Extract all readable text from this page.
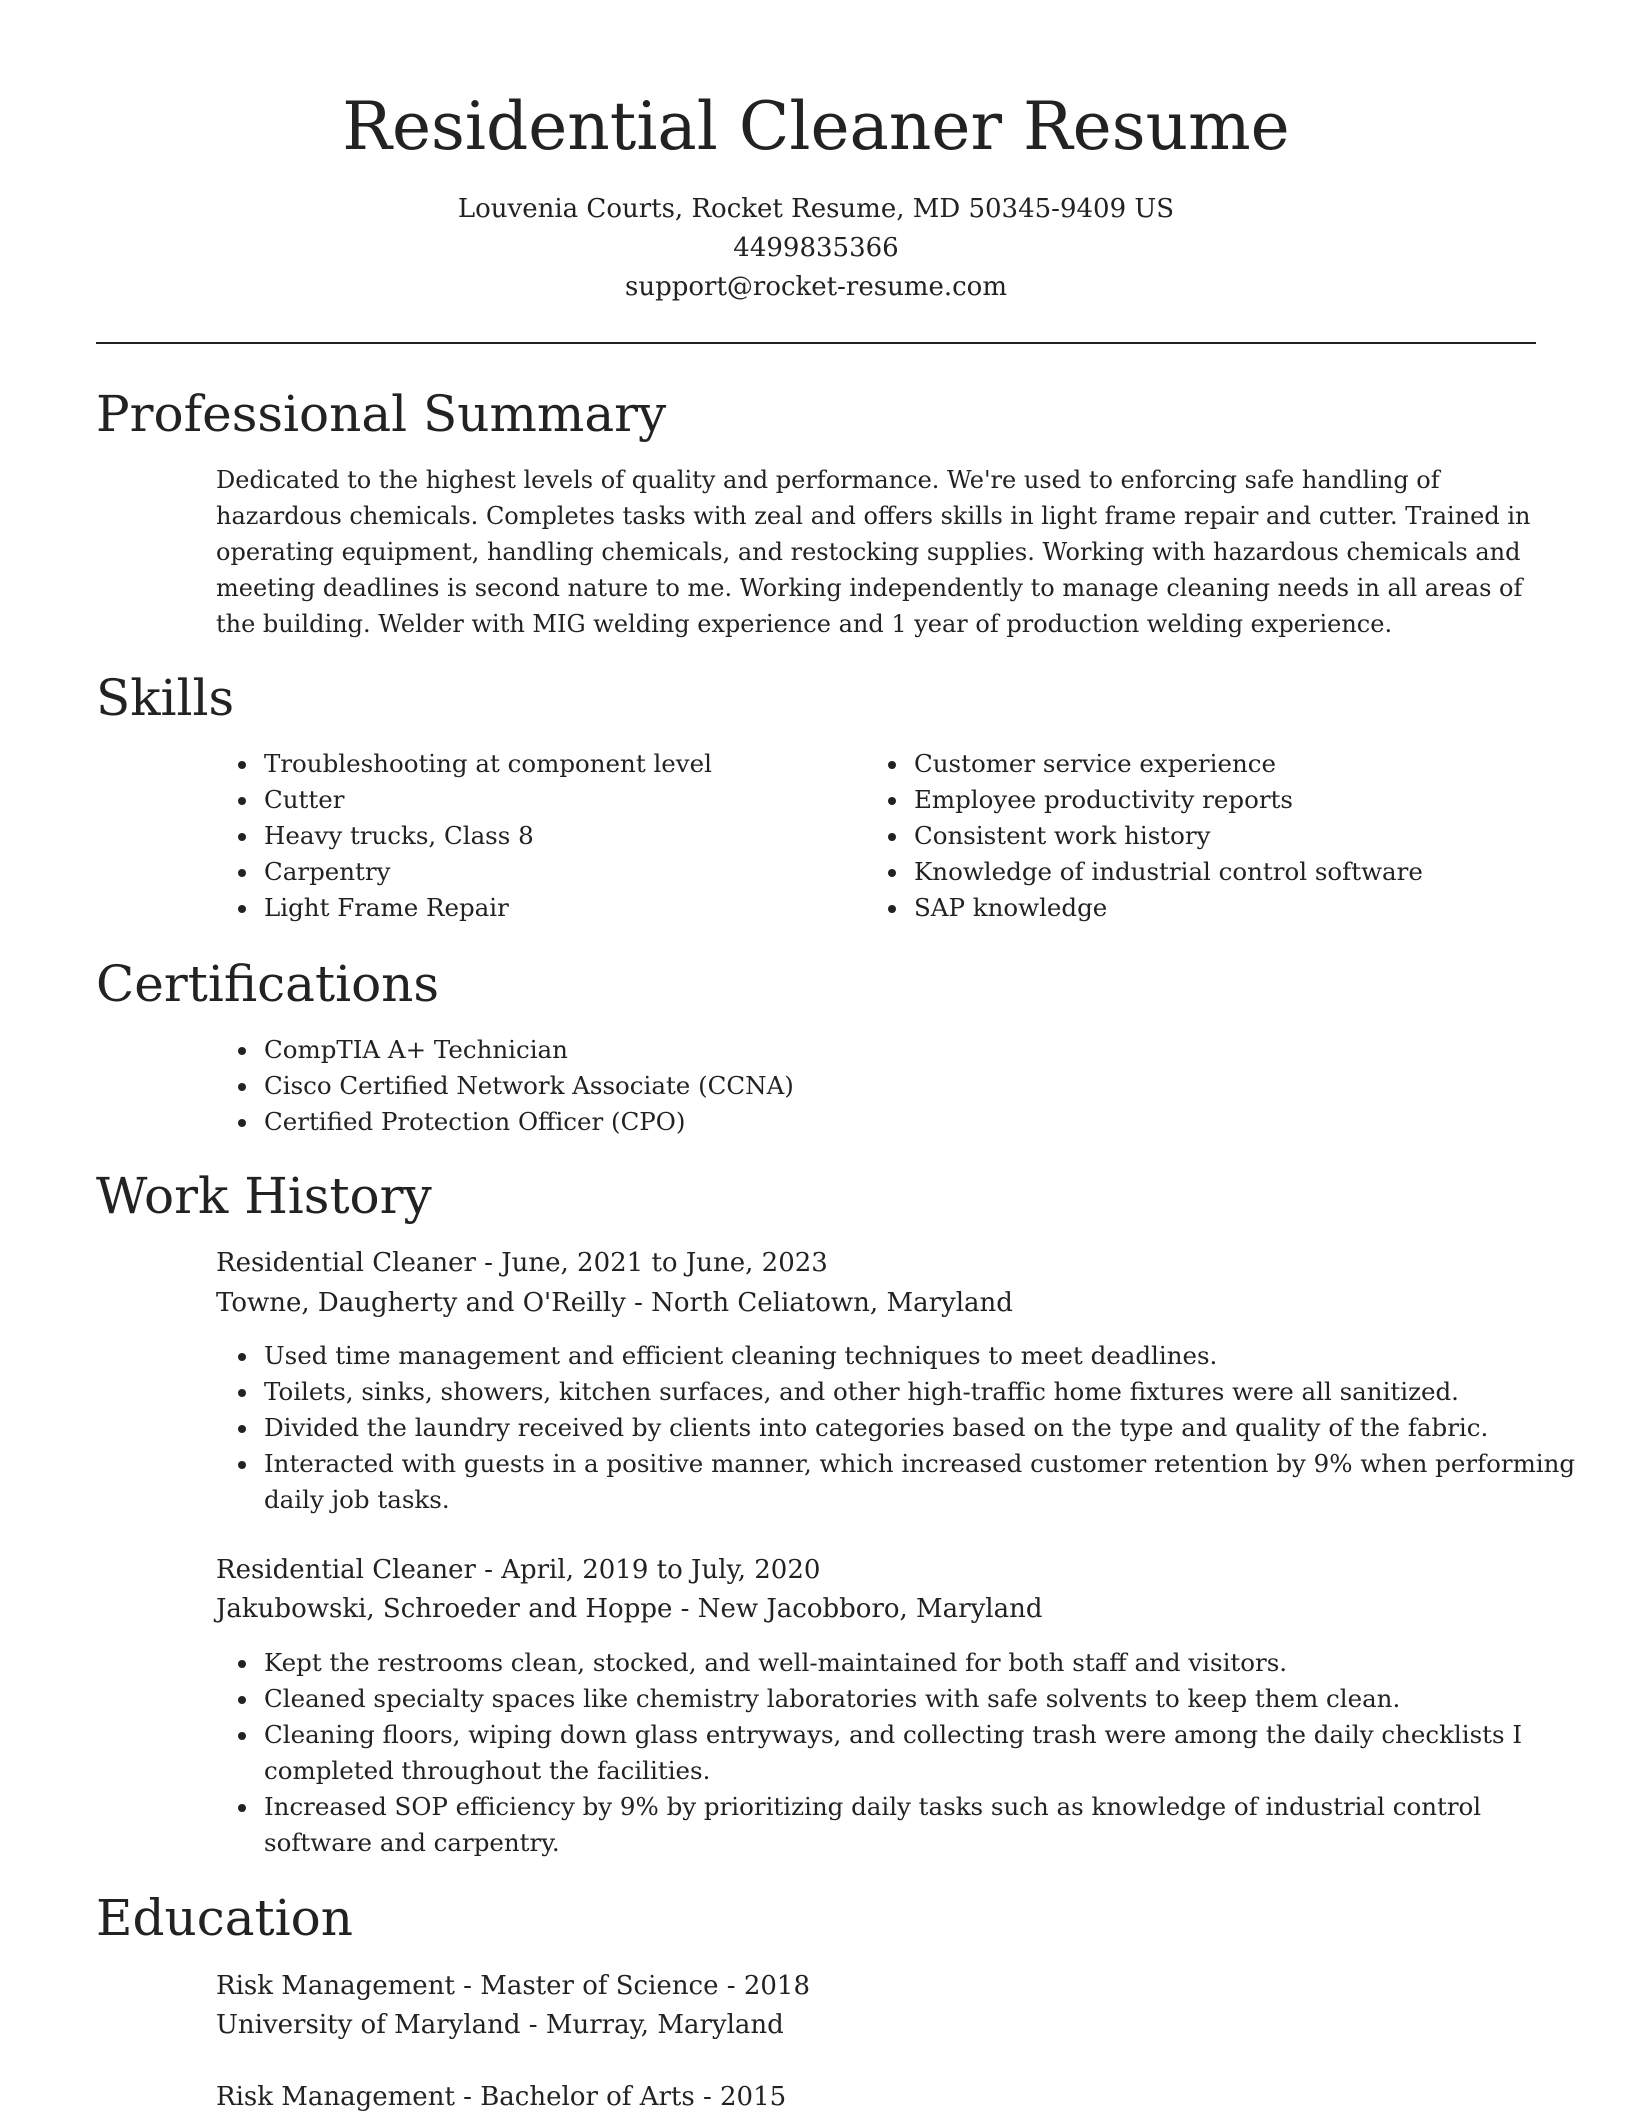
Residential Cleaner Resume
Louvenia Courts, Rocket Resume, MD 50345-9409 US
4499835366
support@rocket-resume.com
Professional Summary

Dedicated to the highest levels of quality and performance. We're used to enforcing safe handling of hazardous chemicals. Completes tasks with zeal and offers skills in light frame repair and cutter. Trained in operating equipment, handling chemicals, and restocking supplies. Working with hazardous chemicals and meeting deadlines is second nature to me. Working independently to manage cleaning needs in all areas of the building. Welder with MIG welding experience and 1 year of production welding experience.

Skills
• Troubleshooting at component level
• Cutter
• Heavy trucks, Class 8
• Carpentry
• Light Frame Repair
• Customer service experience
• Employee productivity reports
• Consistent work history
• Knowledge of industrial control software
• SAP knowledge
Certifications
• CompTIA A+ Technician
• Cisco Certified Network Associate (CCNA)
• Certified Protection Officer (CPO)
Work History
Residential Cleaner - June, 2021 to June, 2023
Towne, Daugherty and O'Reilly - North Celiatown, Maryland
• Used time management and efficient cleaning techniques to meet deadlines.
• Toilets, sinks, showers, kitchen surfaces, and other high-traffic home fixtures were all sanitized.
• Divided the laundry received by clients into categories based on the type and quality of the fabric.
• Interacted with guests in a positive manner, which increased customer retention by 9% when performing daily job tasks.
Residential Cleaner - April, 2019 to July, 2020
Jakubowski, Schroeder and Hoppe - New Jacobboro, Maryland
• Kept the restrooms clean, stocked, and well-maintained for both staff and visitors.
• Cleaned specialty spaces like chemistry laboratories with safe solvents to keep them clean.
• Cleaning floors, wiping down glass entryways, and collecting trash were among the daily checklists I completed throughout the facilities.
• Increased SOP efficiency by 9% by prioritizing daily tasks such as knowledge of industrial control software and carpentry.
Education
Risk Management - Master of Science - 2018
University of Maryland - Murray, Maryland
Risk Management - Bachelor of Arts - 2015
